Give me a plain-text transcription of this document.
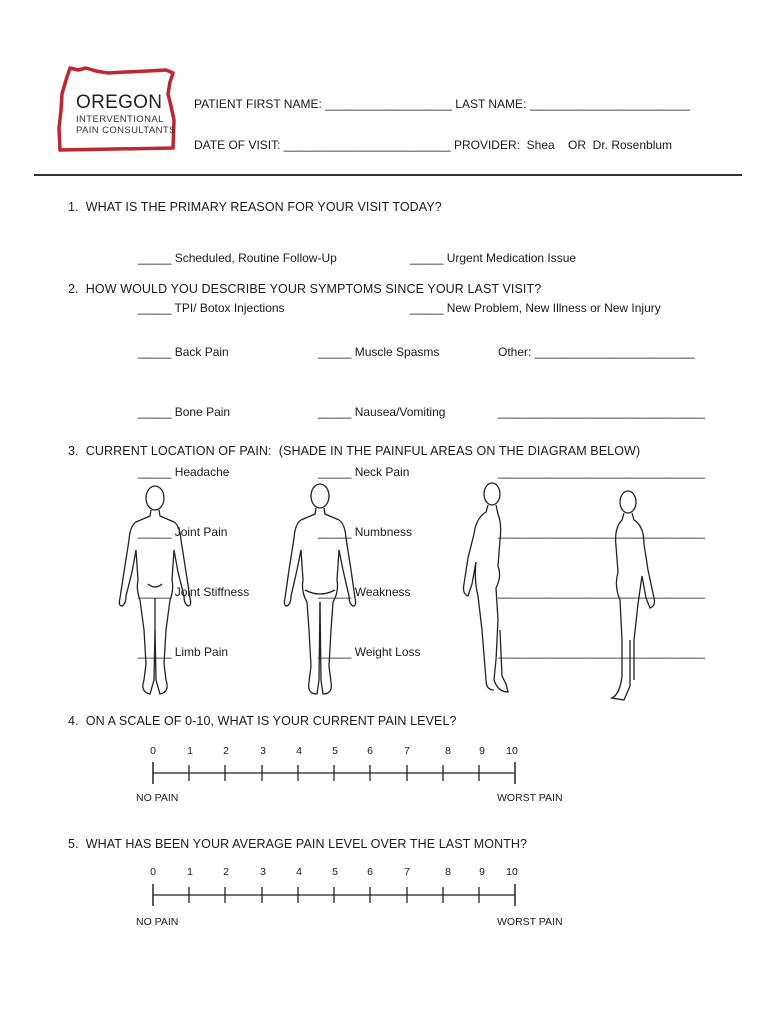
OREGON
INTERVENTIONAL
PAIN CONSULTANTS
PATIENT FIRST NAME: ___________________ LAST NAME: ________________________
DATE OF VISIT: _________________________ PROVIDER:  Shea    OR  Dr. Rosenblum
1.  WHAT IS THE PRIMARY REASON FOR YOUR VISIT TODAY?

_____ Scheduled, Routine Follow-Up

_____ TPI/ Botox Injections

_____ Urgent Medication Issue

_____ New Problem, New Illness or New Injury

2.  HOW WOULD YOU DESCRIBE YOUR SYMPTOMS SINCE YOUR LAST VISIT?

_____ Back Pain

_____ Bone Pain

_____ Headache

_____ Joint Pain

_____ Joint Stiffness

_____ Limb Pain

_____ Muscle Spasms

_____ Nausea/Vomiting

_____ Neck Pain

_____ Numbness

_____ Weakness

_____ Weight Loss

Other: ________________________

_______________________________

_______________________________

_______________________________

_______________________________

_______________________________

3.  CURRENT LOCATION OF PAIN:  (SHADE IN THE PAINFUL AREAS ON THE DIAGRAM BELOW)
4.  ON A SCALE OF 0-10, WHAT IS YOUR CURRENT PAIN LEVEL?
0	1	2	3	4	5	6	7	8	9	10
NO PAIN	WORST PAIN
5.  WHAT HAS BEEN YOUR AVERAGE PAIN LEVEL OVER THE LAST MONTH?
0	1	2	3	4	5	6	7	8	9	10
NO PAIN	WORST PAIN
